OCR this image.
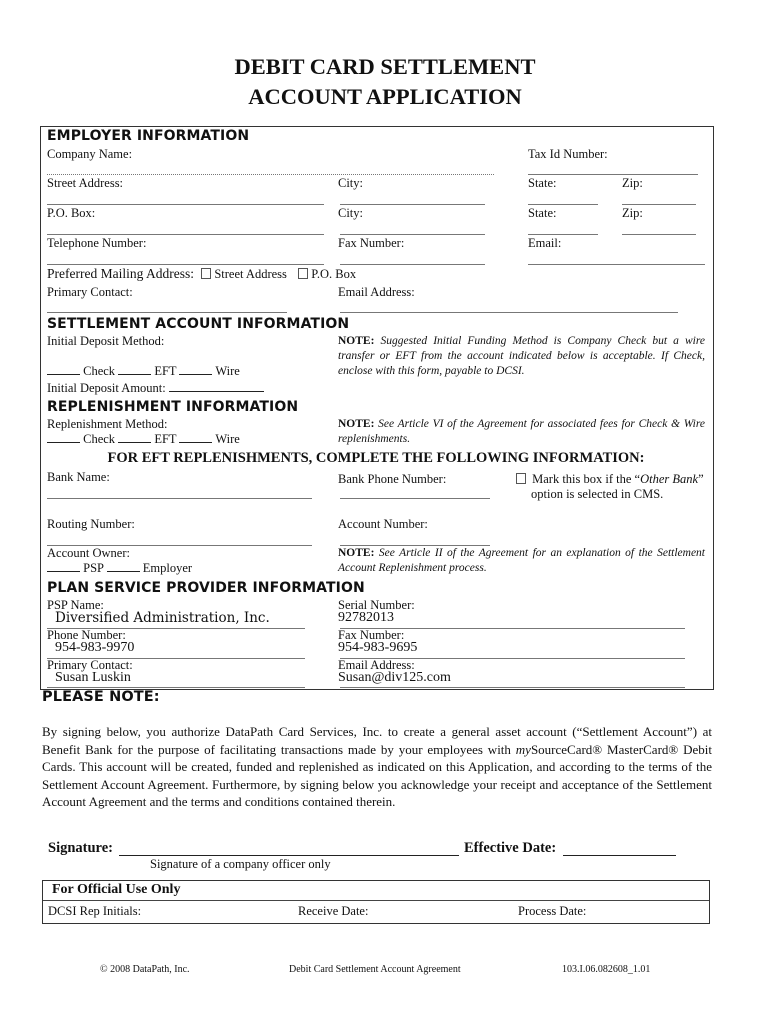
DEBIT CARD SETTLEMENT
ACCOUNT APPLICATION
EMPLOYER INFORMATION
Company Name:	Tax Id Number:
Street Address:	City:	State:	Zip:
P.O. Box:	City:	State:	Zip:
Telephone Number:	Fax Number:	Email:
Preferred Mailing Address: Street Address P.O. Box
Primary Contact:	Email Address:
SETTLEMENT ACCOUNT INFORMATION
Initial Deposit Method:
Check	EFT	Wire
Initial Deposit Amount:
NOTE: Suggested Initial Funding Method is Company Check but a wire transfer or EFT from the account indicated below is acceptable. If Check, enclose with this form, payable to DCSI.
REPLENISHMENT INFORMATION
Replenishment Method:
Check	EFT	Wire
NOTE: See Article VI of the Agreement for associated fees for Check & Wire replenishments.
FOR EFT REPLENISHMENTS, COMPLETE THE FOLLOWING INFORMATION:
Bank Name:	Bank Phone Number:	Mark this box if the “Other Bank”
option is selected in CMS.
Routing Number:	Account Number:
Account Owner:
PSP	Employer
NOTE: See Article II of the Agreement for an explanation of the Settlement Account Replenishment process.
PLAN SERVICE PROVIDER INFORMATION
PSP Name:
Diversified Administration, Inc.
Serial Number:
92782013
Phone Number:
954-983-9970
Fax Number:
954-983-9695
Primary Contact:
Susan Luskin
Email Address:
Susan@div125.com
PLEASE NOTE:
By signing below, you authorize DataPath Card Services, Inc. to create a general asset account (“Settlement Account”) at Benefit Bank for the purpose of facilitating transactions made by your employees with mySourceCard® MasterCard® Debit Cards. This account will be created, funded and replenished as indicated on this Application, and according to the terms of the Settlement Account Agreement. Furthermore, by signing below you acknowledge your receipt and acceptance of the Settlement Account Agreement and the terms and conditions contained therein.
Signature:
Signature of a company officer only
Effective Date:
For Official Use Only
DCSI Rep Initials:	Receive Date:	Process Date:
© 2008 DataPath, Inc.	Debit Card Settlement Account Agreement	103.I.06.082608_1.01
